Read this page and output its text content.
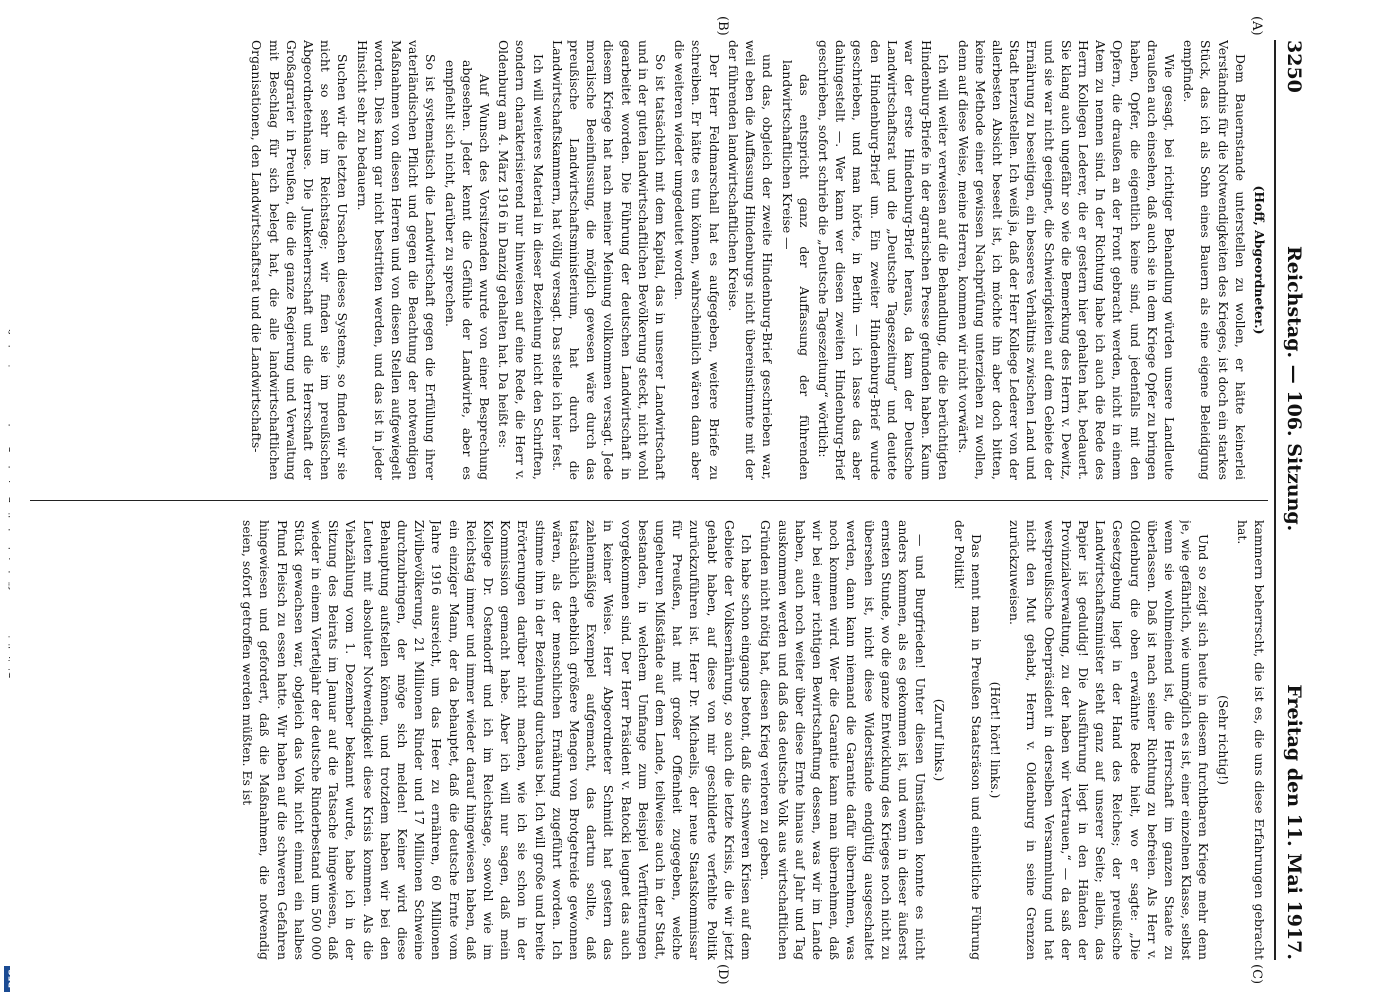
3250
Reichstag. — 106. Sitzung.
Freitag den 11. Mai 1917.
(A)
(B)
(C)
(D)

(Hoff, Abgeordneter.)

Dem Bauernstande unterstellen zu wollen, er hätte keinerlei Verständnis für die Notwendigkeiten des Krieges, ist doch ein starkes Stück, das ich als Sohn eines Bauern als eine eigene Beleidigung empfinde.

Wie gesagt, bei richtiger Behandlung würden unsere Landleute draußen auch einsehen, daß auch sie in dem Kriege Opfer zu bringen haben, Opfer, die eigentlich keine sind, und jedenfalls mit den Opfern, die draußen an der Front gebracht werden, nicht in einem Atem zu nennen sind. In der Richtung habe ich auch die Rede des Herrn Kollegen Lederer, die er gestern hier gehalten hat, bedauert. Sie klang auch ungefähr so wie die Bemerkung des Herrn v. Dewitz, und sie war nicht geeignet, die Schwierigkeiten auf dem Gebiete der Ernährung zu beseitigen, ein besseres Verhältnis zwischen Land und Stadt herzustellen. Ich weiß ja, daß der Herr Kollege Lederer von der allerbesten Absicht beseelt ist, ich möchte ihn aber doch bitten, keine Methode einer gewissen Nachprüfung unterziehen zu wollen, denn auf diese Weise, meine Herren, kommen wir nicht vorwärts.

Ich will weiter verweisen auf die Behandlung, die die berüchtigten Hindenburg-Briefe in der agrarischen Presse gefunden haben. Kaum war der erste Hindenburg-Brief heraus, da kam der Deutsche Landwirtschaftsrat und die „Deutsche Tageszeitung“ und deutete den Hindenburg-Brief um. Ein zweiter Hindenburg-Brief wurde geschrieben, und man hörte, in Berlin — ich lasse das aber dahingestellt —. Wer kann wer diesen zweiten Hindenburg-Brief geschrieben, sofort schrieb die „Deutsche Tageszeitung“ wörtlich:

das entspricht ganz der Auffassung der führenden landwirtschaftlichen Kreise —

und das, obgleich der zweite Hindenburg-Brief geschrieben war, weil eben die Auffassung Hindenburgs nicht übereinstimmte mit der der führenden landwirtschaftlichen Kreise.

Der Herr Feldmarschall hat es aufgegeben, weitere Briefe zu schreiben. Er hätte es tun können, wahrscheinlich wären dann aber die weiteren wieder umgedeutet worden.

So ist tatsächlich mit dem Kapital, das in unserer Landwirtschaft und in der guten landwirtschaftlichen Bevölkerung steckt, nicht wohl gearbeitet worden. Die Führung der deutschen Landwirtschaft in diesem Kriege hat nach meiner Meinung vollkommen versagt. Jede moralische Beeinflussung, die möglich gewesen wäre durch das preußische Landwirtschaftsministerium, hat durch die Landwirtschaftskammern, hat völlig versagt. Das stelle ich hier fest.

Ich will weiteres Material in dieser Beziehung nicht den Schriften, sondern charakterisierend nur hinweisen auf eine Rede, die Herr v. Oldenburg am 4. März 1916 in Danzig gehalten hat. Da heißt es:

Auf Wunsch des Vorsitzenden wurde von einer Besprechung abgesehen. Jeder kennt die Gefühle der Landwirte, aber es empfiehlt sich nicht, darüber zu sprechen.

So ist systematisch die Landwirtschaft gegen die Erfüllung ihrer vaterländischen Pflicht und gegen die Beachtung der notwendigen Maßnahmen von diesen Herren und von diesen Stellen aufgewiegelt worden. Dies kann gar nicht bestritten werden, und das ist in jeder Hinsicht sehr zu bedauern.

Suchen wir die letzten Ursachen dieses Systems, so finden wir sie nicht so sehr im Reichstage; wir finden sie im preußischen Abgeordnetenhause. Die Junkerherrschaft und die Herrschaft der Großagrarier in Preußen, die die ganze Regierung und Verwaltung mit Beschlag für sich belegt hat, die alle landwirtschaftlichen Organisationen, den Landwirtschaftsrat und die Landwirtschafts-

kammern beherrscht, die ist es, die uns diese Erfahrungen gebracht hat.

(Sehr richtig!)

Und so zeigt sich heute in diesem furchtbaren Kriege mehr denn je, wie gefährlich, wie unmöglich es ist, einer einzelnen Klasse, selbst wenn sie wohlmeinend ist, die Herrschaft im ganzen Staate zu überlassen. Daß ist nach seiner Richtung zu befreien. Als Herr v. Oldenburg die oben erwähnte Rede hielt, wo er sagte: „Die Gesetzgebung liegt in der Hand des Reiches; der preußische Landwirtschaftsminister steht ganz auf unserer Seite; allein, das Papier ist geduldig! Die Ausführung liegt in den Händen der Provinzialverwaltung, zu der haben wir Vertrauen,“ — da saß der westpreußische Oberpräsident in derselben Versammlung und hat nicht den Mut gehabt, Herrn v. Oldenburg in seine Grenzen zurückzuweisen.

(Hört! hört! links.)

Das nennt man in Preußen Staatsräson und einheitliche Führung der Politik!

(Zuruf links.)

— und Burgfrieden! Unter diesen Umständen konnte es nicht anders kommen, als es gekommen ist, und wenn in dieser äußerst ernsten Stunde, wo die ganze Entwicklung des Krieges noch nicht zu übersehen ist, nicht diese Widerstände endgültig ausgeschaltet werden, dann kann niemand die Garantie dafür übernehmen, was noch kommen wird. Wer die Garantie kann man übernehmen, daß wir bei einer richtigen Bewirtschaftung dessen, was wir im Lande haben, auch noch weiter über diese Ernte hinaus auf Jahr und Tag auskommen werden und daß das deutsche Volk aus wirtschaftlichen Gründen nicht nötig hat, diesen Krieg verloren zu geben.

Ich habe schon eingangs betont, daß die schweren Krisen auf dem Gebiete der Volksernährung, so auch die letzte Krisis, die wir jetzt gehabt haben, auf diese von mir geschilderte verfehlte Politik zurückzuführen ist. Herr Dr. Michaelis, der neue Staatskommissar für Preußen, hat mit großer Offenheit zugegeben, welche ungeheuren Mißstände auf dem Lande, teilweise auch in der Stadt, bestanden, in welchem Umfange zum Beispiel Verfütterungen vorgekommen sind. Der Herr Präsident v. Batocki leugnet das auch in keiner Weise. Herr Abgeordneter Schmidt hat gestern das zahlenmäßige Exempel aufgemacht, das dartun sollte, daß tatsächlich erheblich größere Mengen von Brotgetreide gewonnen wären, als der menschlichen Ernährung zugeführt worden. Ich stimme ihm in der Beziehung durchaus bei. Ich will große und breite Erörterungen darüber nicht machen, wie ich sie schon in der Kommission gemacht habe. Aber ich will nur sagen, daß mein Kollege Dr. Ostendorff und ich im Reichstage, sowohl wie im Reichstag immer und immer wieder darauf hingewiesen haben, daß ein einziger Mann, der da behauptet, daß die deutsche Ernte vom Jahre 1916 ausreicht, um das Heer zu ernähren, 60 Millionen Zivilbevölkerung, 21 Millionen Rinder und 17 Millionen Schweine durchzubringen, der möge sich melden! Keiner wird diese Behauptung aufstellen können, und trotzdem haben wir bei den Leuten mit absoluter Notwendigkeit diese Krisis kommen. Als die Viehzählung vom 1. Dezember bekannt wurde, habe ich in der Sitzung des Beirats im Januar auf die Tatsache hingewiesen, daß wieder in einem Vierteljahr der deutsche Rinderbestand um 500 000 Stück gewachsen war, obgleich das Volk nicht einmal ein halbes Pfund Fleisch zu essen hatte. Wir haben auf die schweren Gefahren hingewiesen und gefordert, daß die Maßnahmen, die notwendig seien, sofort getroffen werden müßten. Es ist
